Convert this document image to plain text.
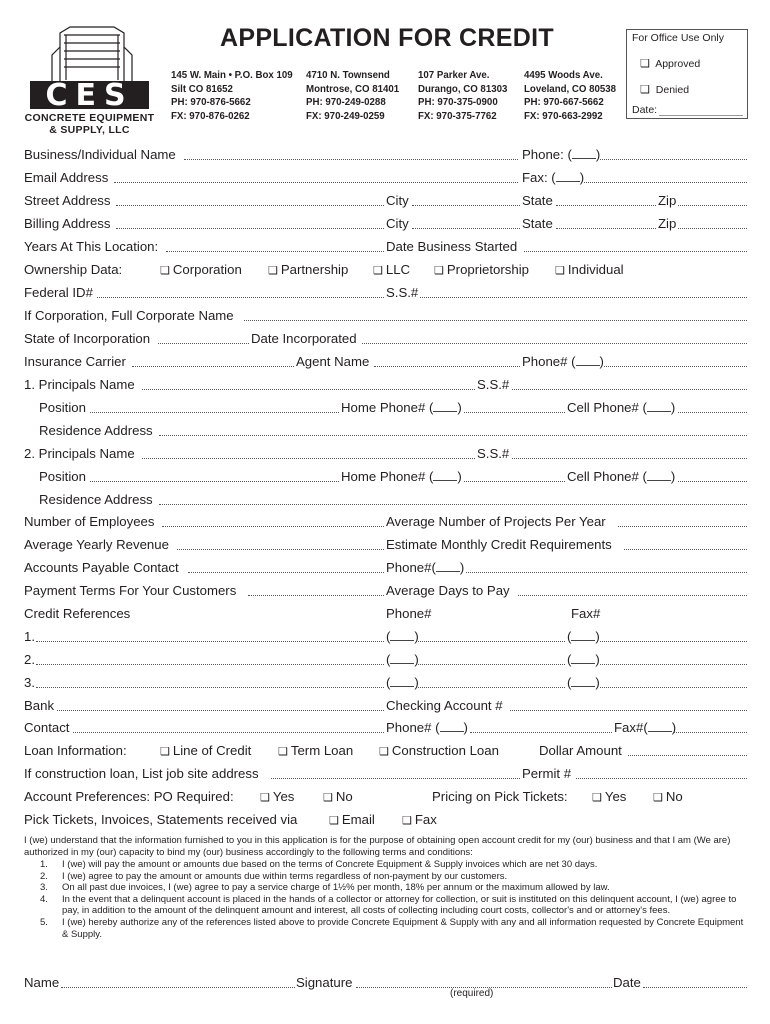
CES
CONCRETE EQUIPMENT
& SUPPLY, LLC
APPLICATION FOR CREDIT
145 W. Main • P.O. Box 109
Silt CO 81652
PH: 970-876-5662
FX: 970-876-0262
4710 N. Townsend
Montrose, CO 81401
PH: 970-249-0288
FX: 970-249-0259
107 Parker Ave.
Durango, CO 81303
PH: 970-375-0900
FX: 970-375-7762
4495 Woods Ave.
Loveland, CO 80538
PH: 970-667-5662
FX: 970-663-2992
For Office Use Only
❑ Approved
❑ Denied
Date:
Business/Individual Name	Phone: ( )
Email Address	Fax: ( )
Street Address	City	State	Zip
Billing Address	City	State	Zip
Years At This Location:	Date Business Started
Ownership Data:	❑ Corporation ❑ Partnership ❑ LLC ❑ Proprietorship ❑ Individual
Federal ID#	S.S.#
If Corporation, Full Corporate Name
State of Incorporation	Date Incorporated
Insurance Carrier	Agent Name	Phone# ( )
1. Principals Name	S.S.#
Position	Home Phone# ( )	Cell Phone# ( )
Residence Address
2. Principals Name	S.S.#
Position	Home Phone# ( )	Cell Phone# ( )
Residence Address
Number of Employees	Average Number of Projects Per Year
Average Yearly Revenue	Estimate Monthly Credit Requirements
Accounts Payable Contact	Phone#( )
Payment Terms For Your Customers	Average Days to Pay
Credit References	Phone#	Fax#
1.	( )	( )
2.	( )	( )
3.	( )	( )
Bank	Checking Account #
Contact	Phone# ( )	Fax#( )
Loan Information:	❑ Line of Credit ❑ Term Loan ❑ Construction Loan	Dollar Amount
If construction loan, List job site address	Permit #
Account Preferences: PO Required: ❑ Yes	❑ No	Pricing on Pick Tickets: ❑ Yes ❑ No
Pick Tickets, Invoices, Statements received via	❑ Email ❑ Fax
I (we) understand that the information furnished to you in this application is for the purpose of obtaining open account credit for my (our) business and that I am (We are) authorized in my (our) capacity to bind my (our) business accordingly to the following terms and conditions:
1. I (we) will pay the amount or amounts due based on the terms of Concrete Equipment & Supply invoices which are net 30 days.
2. I (we) agree to pay the amount or amounts due within terms regardless of non-payment by our customers.
3. On all past due invoices, I (we) agree to pay a service charge of 1½% per month, 18% per annum or the maximum allowed by law.
4. In the event that a delinquent account is placed in the hands of a collector or attorney for collection, or suit is instituted on this delinquent account, I (we) agree to pay, in addition to the amount of the delinquent amount and interest, all costs of collecting including court costs, collector's and or attorney's fees.
5. I (we) hereby authorize any of the references listed above to provide Concrete Equipment & Supply with any and all information requested by Concrete Equipment & Supply.
Name	Signature	Date
(required)
